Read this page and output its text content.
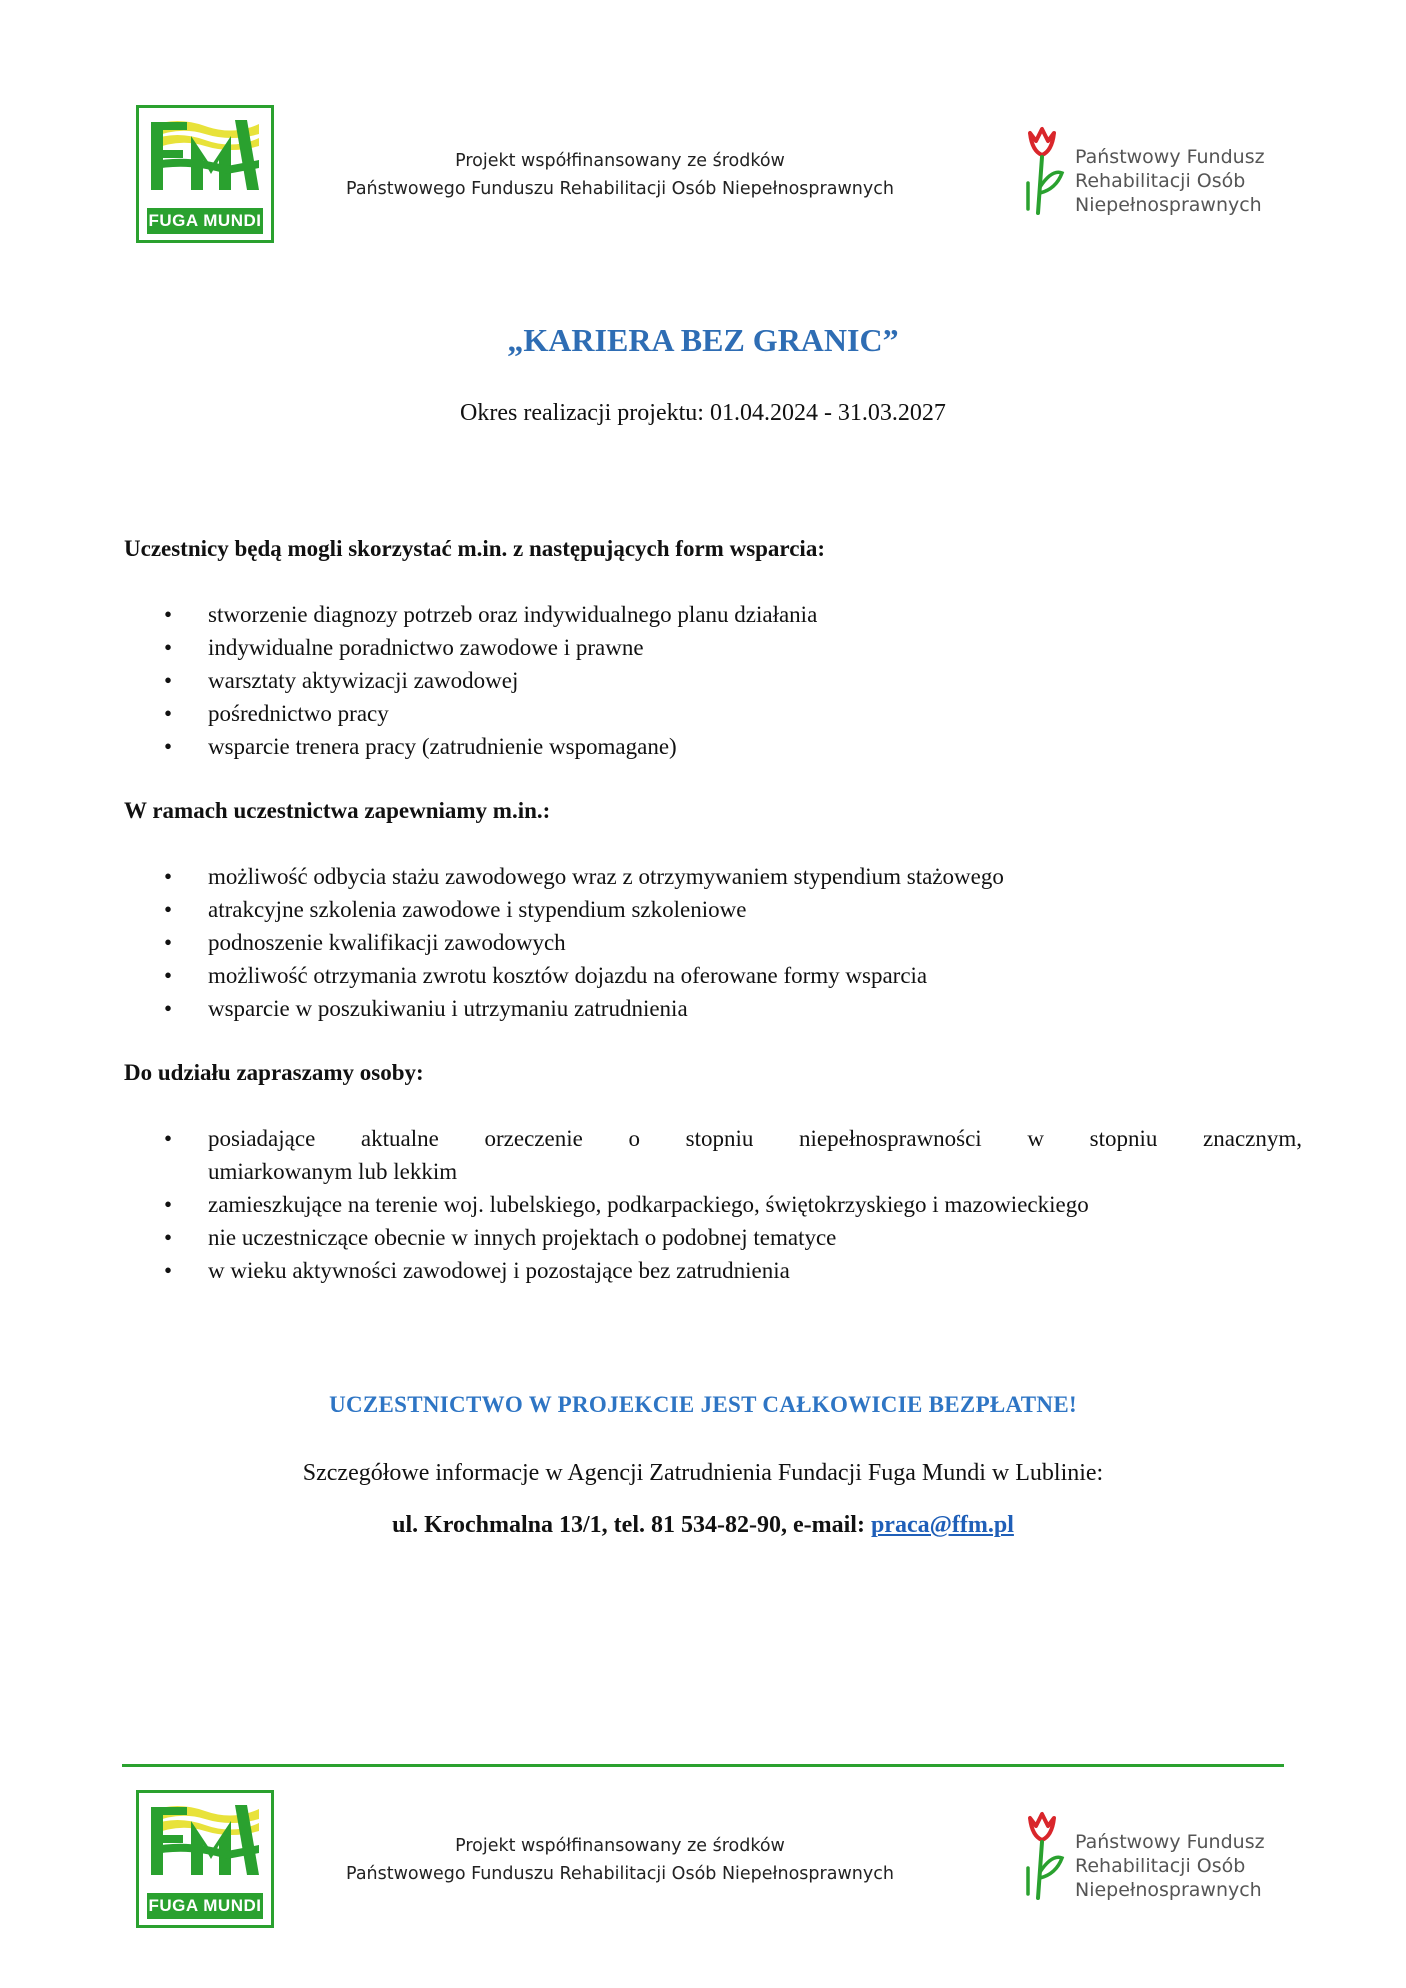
FUGA MUNDI
Projekt współfinansowany ze środków
Państwowego Funduszu Rehabilitacji Osób Niepełnosprawnych
Państwowy Fundusz
Rehabilitacji Osób
Niepełnosprawnych
„KARIERA BEZ GRANIC”
Okres realizacji projektu: 01.04.2024 - 31.03.2027
Uczestnicy będą mogli skorzystać m.in. z następujących form wsparcia:
• stworzenie diagnozy potrzeb oraz indywidualnego planu działania
• indywidualne poradnictwo zawodowe i prawne
• warsztaty aktywizacji zawodowej
• pośrednictwo pracy
• wsparcie trenera pracy (zatrudnienie wspomagane)
W ramach uczestnictwa zapewniamy m.in.:
• możliwość odbycia stażu zawodowego wraz z otrzymywaniem stypendium stażowego
• atrakcyjne szkolenia zawodowe i stypendium szkoleniowe
• podnoszenie kwalifikacji zawodowych
• możliwość otrzymania zwrotu kosztów dojazdu na oferowane formy wsparcia
• wsparcie w poszukiwaniu i utrzymaniu zatrudnienia
Do udziału zapraszamy osoby:
• posiadające aktualne orzeczenie o stopniu niepełnosprawności w stopniu znacznym,
umiarkowanym lub lekkim
• zamieszkujące na terenie woj. lubelskiego, podkarpackiego, świętokrzyskiego i mazowieckiego
• nie uczestniczące obecnie w innych projektach o podobnej tematyce
• w wieku aktywności zawodowej i pozostające bez zatrudnienia
UCZESTNICTWO W PROJEKCIE JEST CAŁKOWICIE BEZPŁATNE!
Szczegółowe informacje w Agencji Zatrudnienia Fundacji Fuga Mundi w Lublinie:
ul. Krochmalna 13/1, tel. 81 534-82-90, e-mail: praca@ffm.pl
FUGA MUNDI
Projekt współfinansowany ze środków
Państwowego Funduszu Rehabilitacji Osób Niepełnosprawnych
Państwowy Fundusz
Rehabilitacji Osób
Niepełnosprawnych
